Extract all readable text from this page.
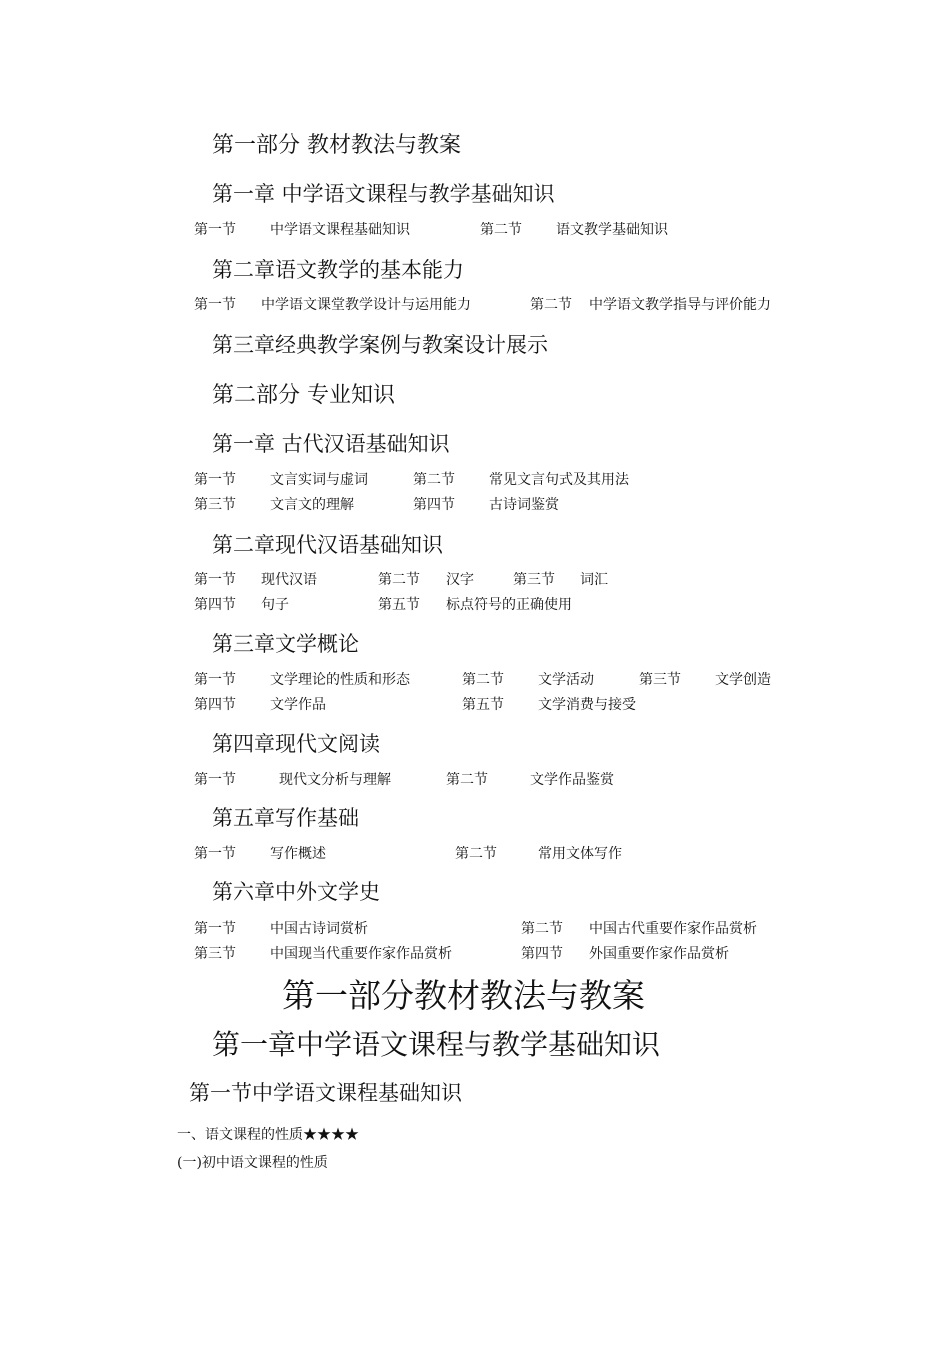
第一部分 教材教法与教案
第一章 中学语文课程与教学基础知识
第一节 中学语文课程基础知识	第二节 语文教学基础知识
第二章语文教学的基本能力
第一节 中学语文课堂教学设计与运用能力	第二节 中学语文教学指导与评价能力
第三章经典教学案例与教案设计展示
第二部分 专业知识
第一章 古代汉语基础知识
第一节 文言实词与虚词	第二节 常见文言句式及其用法
第三节 文言文的理解	第四节 古诗词鉴赏
第二章现代汉语基础知识
第一节 现代汉语	第二节 汉字	第三节 词汇
第四节 句子	第五节 标点符号的正确使用
第三章文学概论
第一节 文学理论的性质和形态	第二节 文学活动	第三节 文学创造
第四节 文学作品	第五节 文学消费与接受
第四章现代文阅读
第一节	现代文分析与理解	第二节	文学作品鉴赏
第五章写作基础
第一节 写作概述	第二节	常用文体写作
第六章中外文学史
第一节 中国古诗词赏析	第二节 中国古代重要作家作品赏析
第三节 中国现当代重要作家作品赏析	第四节 外国重要作家作品赏析
第一部分教材教法与教案
第一章中学语文课程与教学基础知识
第一节中学语文课程基础知识
一、语文课程的性质★★★★
(一)初中语文课程的性质
